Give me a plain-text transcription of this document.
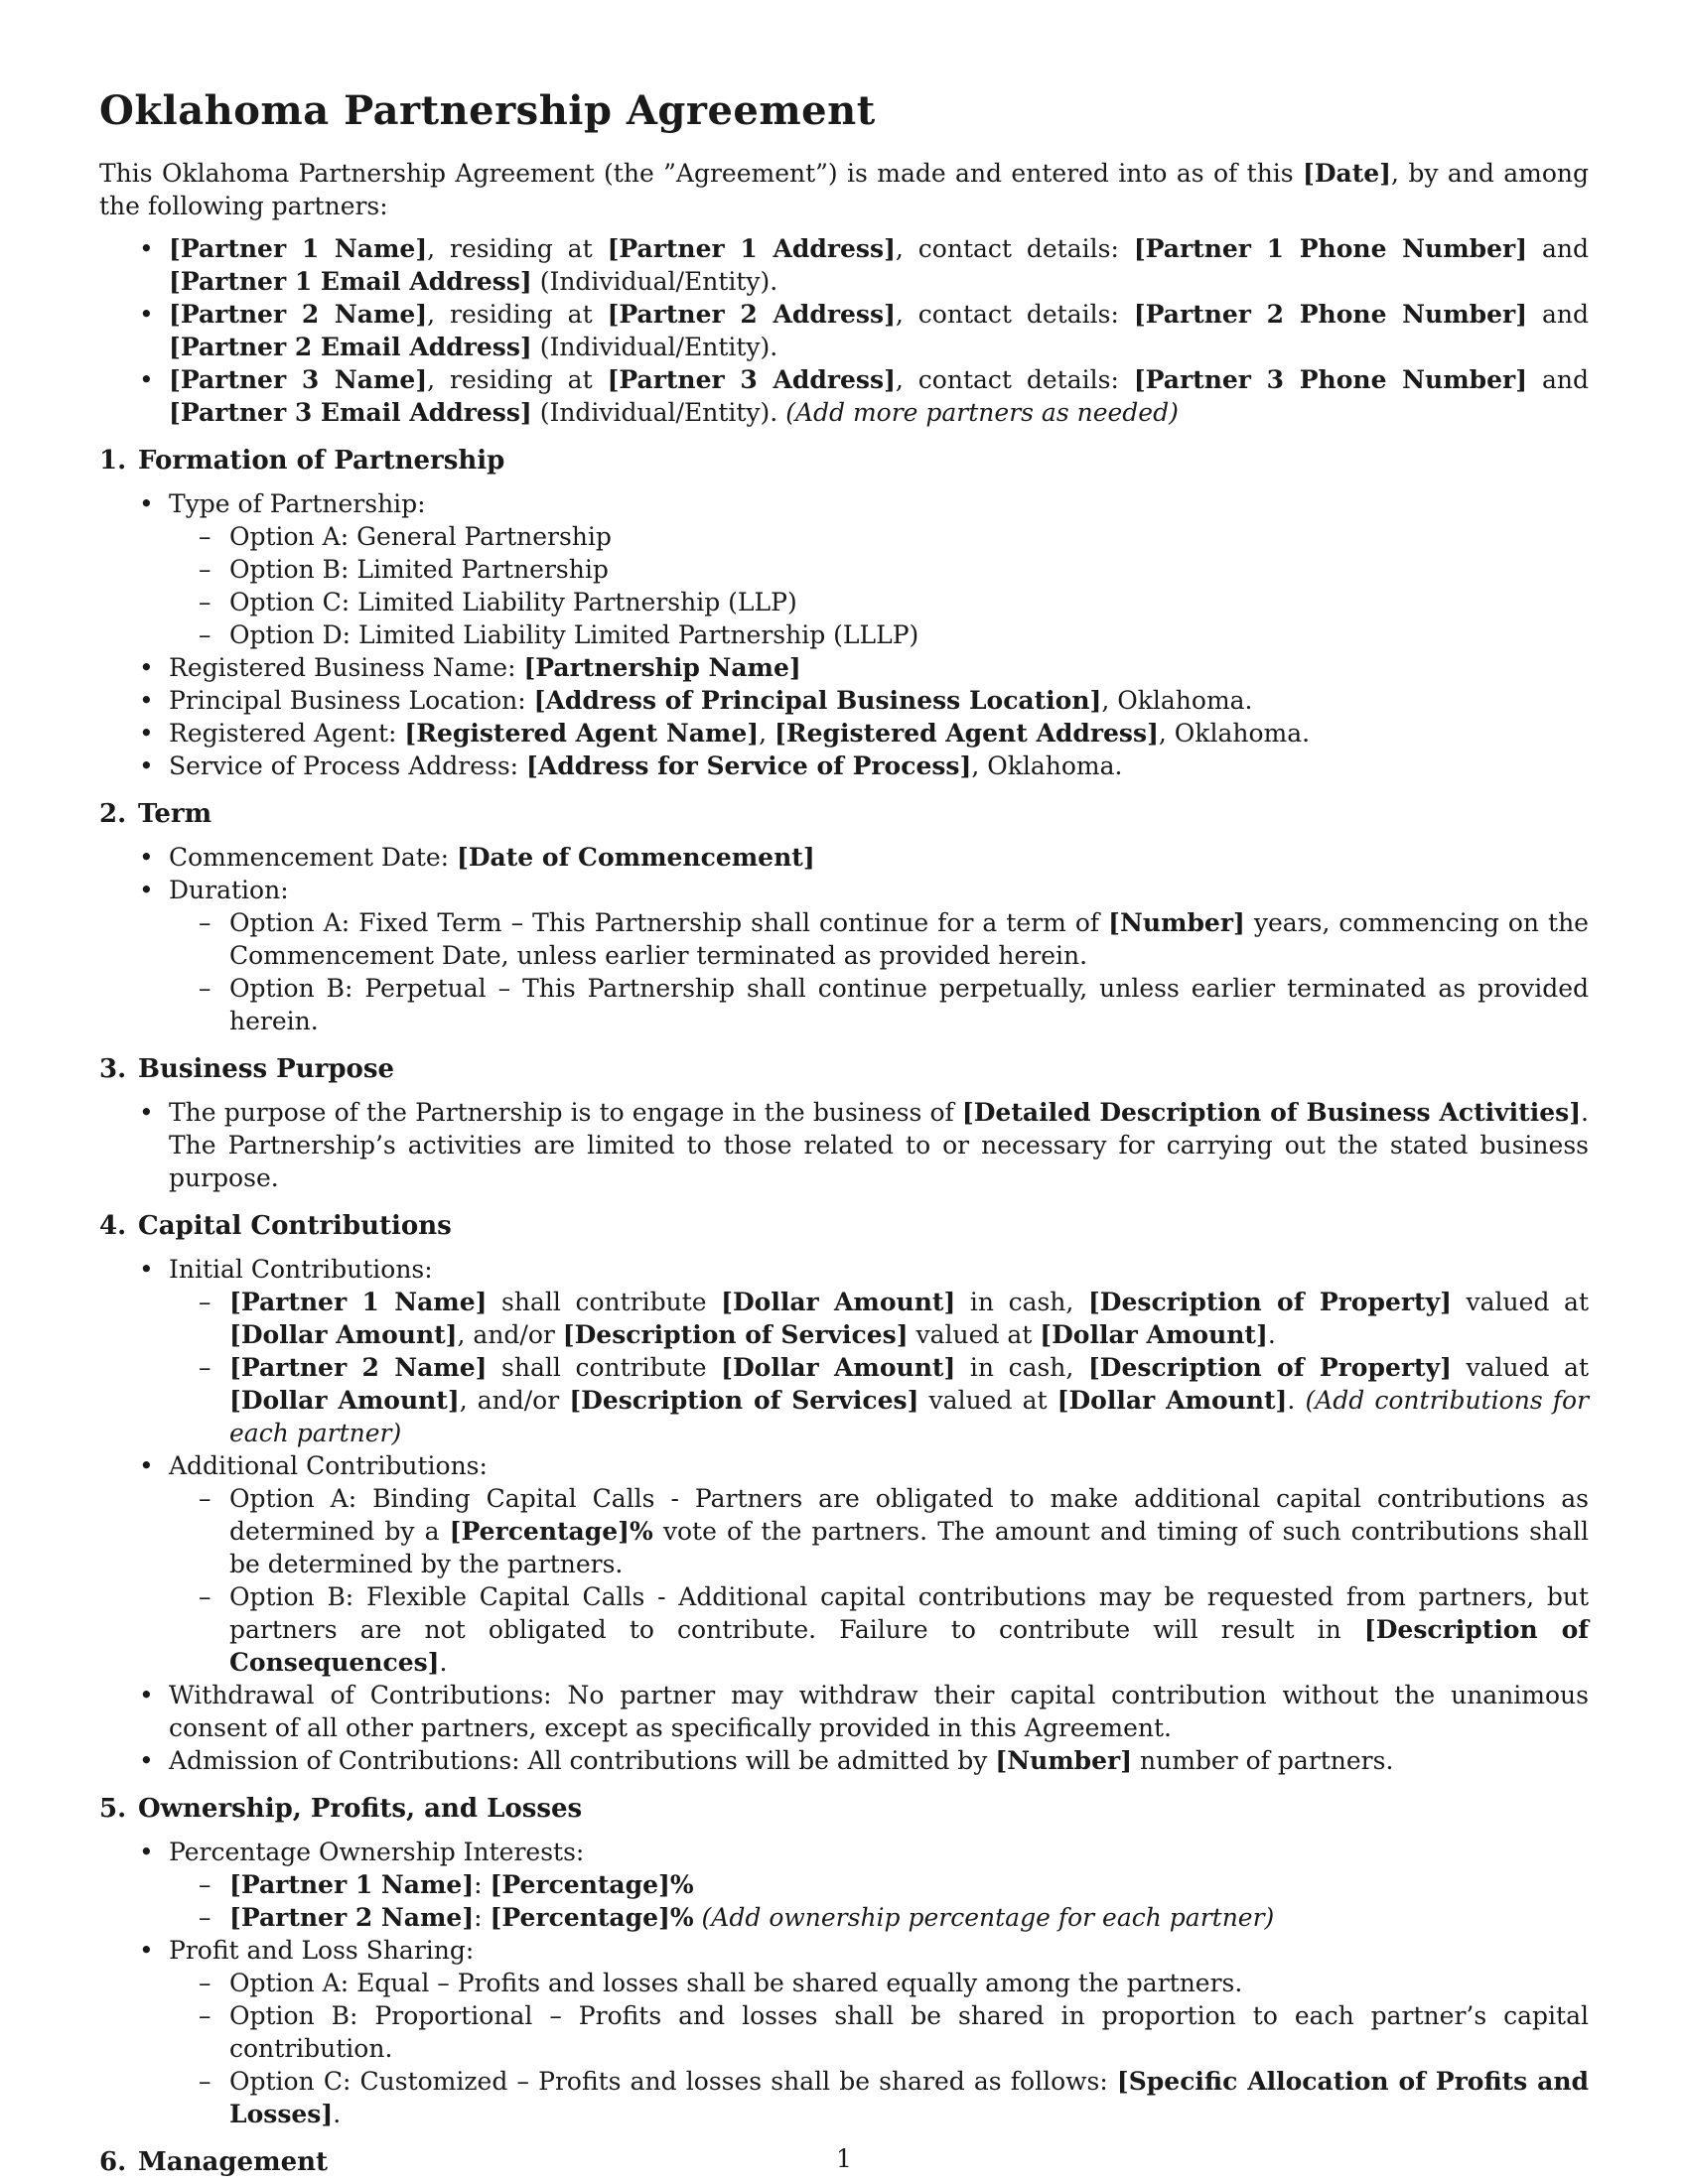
Oklahoma Partnership Agreement

This Oklahoma Partnership Agreement (the ”Agreement”) is made and entered into as of this [Date], by and among the following partners:

• [Partner 1 Name], residing at [Partner 1 Address], contact details: [Partner 1 Phone Number] and [Partner 1 Email Address] (Individual/Entity).
• [Partner 2 Name], residing at [Partner 2 Address], contact details: [Partner 2 Phone Number] and [Partner 2 Email Address] (Individual/Entity).
• [Partner 3 Name], residing at [Partner 3 Address], contact details: [Partner 3 Phone Number] and [Partner 3 Email Address] (Individual/Entity). (Add more partners as needed)
1. Formation of Partnership
• Type of Partnership:
– Option A: General Partnership
– Option B: Limited Partnership
– Option C: Limited Liability Partnership (LLP)
– Option D: Limited Liability Limited Partnership (LLLP)
• Registered Business Name: [Partnership Name]
• Principal Business Location: [Address of Principal Business Location], Oklahoma.
• Registered Agent: [Registered Agent Name], [Registered Agent Address], Oklahoma.
• Service of Process Address: [Address for Service of Process], Oklahoma.
2. Term
• Commencement Date: [Date of Commencement]
• Duration:
– Option A: Fixed Term – This Partnership shall continue for a term of [Number] years, commencing on the Commencement Date, unless earlier terminated as provided herein.
– Option B: Perpetual – This Partnership shall continue perpetually, unless earlier terminated as provided herein.
3. Business Purpose
• The purpose of the Partnership is to engage in the business of [Detailed Description of Business Activities]. The Partnership’s activities are limited to those related to or necessary for carrying out the stated business purpose.
4. Capital Contributions
• Initial Contributions:
– [Partner 1 Name] shall contribute [Dollar Amount] in cash, [Description of Property] valued at [Dollar Amount], and/or [Description of Services] valued at [Dollar Amount].
– [Partner 2 Name] shall contribute [Dollar Amount] in cash, [Description of Property] valued at [Dollar Amount], and/or [Description of Services] valued at [Dollar Amount]. (Add contributions for each partner)
• Additional Contributions:
– Option A: Binding Capital Calls - Partners are obligated to make additional capital contributions as determined by a [Percentage]% vote of the partners. The amount and timing of such contributions shall be determined by the partners.
– Option B: Flexible Capital Calls - Additional capital contributions may be requested from partners, but partners are not obligated to contribute. Failure to contribute will result in [Description of Consequences].
• Withdrawal of Contributions: No partner may withdraw their capital contribution without the unanimous consent of all other partners, except as specifically provided in this Agreement.
• Admission of Contributions: All contributions will be admitted by [Number] number of partners.
5. Ownership, Profits, and Losses
• Percentage Ownership Interests:
– [Partner 1 Name]: [Percentage]%
– [Partner 2 Name]: [Percentage]% (Add ownership percentage for each partner)
• Profit and Loss Sharing:
– Option A: Equal – Profits and losses shall be shared equally among the partners.
– Option B: Proportional – Profits and losses shall be shared in proportion to each partner’s capital contribution.
– Option C: Customized – Profits and losses shall be shared as follows: [Specific Allocation of Profits and Losses].
6. Management	1
